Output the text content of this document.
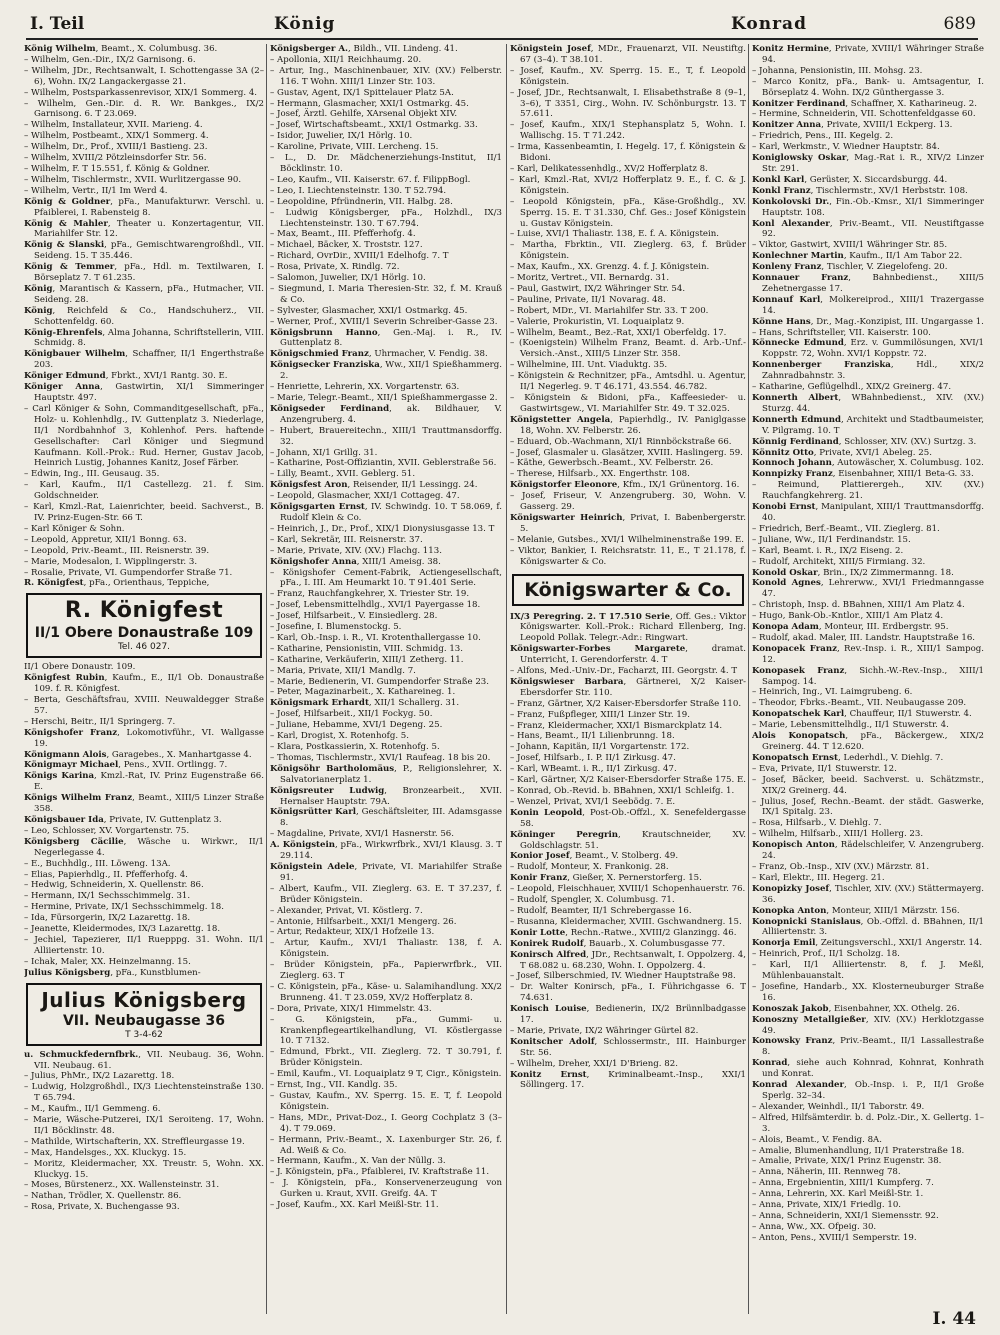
I. Teil	König	Konrad	689

König Wilhelm, Beamt., X. Columbusg. 36.

– Wilhelm, Gen.-Dir., IX/2 Garnisong. 6.

– Wilhelm, JDr., Rechtsanwalt, I. Schottengasse 3A (2–6), Wohn. IX/2 Langackergasse 21.

– Wilhelm, Postsparkassenrevisor, XIX/1 Sommerg. 4.

– Wilhelm, Gen.-Dir. d. R. Wr. Bankges., IX/2 Garnisong. 6. T 23.069.

– Wilhelm, Installateur, XVII. Marieng. 4.

– Wilhelm, Postbeamt., XIX/1 Sommerg. 4.

– Wilhelm, Dr., Prof., XVIII/1 Bastieng. 23.

– Wilhelm, XVIII/2 Pötzleinsdorfer Str. 56.

– Wilhelm, F. T 15.551, f. König & Goldner.

– Wilhelm, Tischlermstr., XVII. Wurlitzergasse 90.

– Wilhelm, Vertr., II/1 Im Werd 4.

König & Goldner, pFa., Manufakturwr. Verschl. u. Pfaiblerei, I. Rabensteig 8.

König & Mahler, Theater u. Konzertagentur, VII. Mariahilfer Str. 12.

König & Slanski, pFa., Gemischtwarengroßhdl., VII. Seideng. 15. T 35.446.

König & Temmer, pFa., Hdl. m. Textilwaren, I. Börseplatz 7. T 61.235.

König, Marantisch & Kassern, pFa., Hutmacher, VII. Seideng. 28.

König, Reichfeld & Co., Handschuherz., VII. Schottenfeldg. 60.

König-Ehrenfels, Alma Johanna, Schriftstellerin, VIII. Schmidg. 8.

Königbauer Wilhelm, Schaffner, II/1 Engerthstraße 203.

Königer Edmund, Fbrkt., XVI/1 Rantg. 30. E.

Königer Anna, Gastwirtin, XI/1 Simmeringer Hauptstr. 497.

– Carl Königer & Sohn, Commanditgesellschaft, pFa., Holz- u. Kohlenhdlg., IV. Guttenplatz 3. Niederlage, II/1 Nordbahnhof 3, Kohlenhof. Pers. haftende Gesellschafter: Carl Königer und Siegmund Kaufmann. Koll.-Prok.: Rud. Herner, Gustav Jacob, Heinrich Lustig, Johannes Kanitz, Josef Färber.

– Edwin, Ing., III. Geusaug. 35.

– Karl, Kaufm., II/1 Castellezg. 21. f. Sim. Goldschneider.

– Karl, Kmzl.-Rat, Laienrichter, beeid. Sachverst., B. IV. Prinz-Eugen-Str. 66 T.

– Karl Königer & Sohn.

– Leopold, Appretur, XII/1 Bonng. 63.

– Leopold, Priv.-Beamt., III. Reisnerstr. 39.

– Marie, Modesalon, I. Wipplingerstr. 3.

– Rosalie, Private, VI. Gumpendorfer Straße 71.

R. Königfest, pFa., Orienthaus, Teppiche,

R. Königfest
II/1 Obere Donaustraße 109
Tel. 46 027.

II/1 Obere Donaustr. 109.

Königfest Rubin, Kaufm., E., II/1 Ob. Donaustraße 109. f. R. Königfest.

– Berta, Geschäftsfrau, XVIII. Neuwaldegger Straße 57.

– Herschi, Beitr., II/1 Springerg. 7.

Königshofer Franz, Lokomotivführ., VI. Wallgasse 19.

Königmann Alois, Garagebes., X. Manhartgasse 4.

Königmayr Michael, Pens., XVII. Ortlingg. 7.

Königs Karina, Kmzl.-Rat, IV. Prinz Eugenstraße 66. E.

Königs Wilhelm Franz, Beamt., XIII/5 Linzer Straße 358.

Königsbauer Ida, Private, IV. Guttenplatz 3.

– Leo, Schlosser, XV. Vorgartenstr. 75.

Königsberg Cäcilie, Wäsche u. Wirkwr., II/1 Negerlegasse 4.

– E., Buchhdlg., III. Löweng. 13A.

– Elias, Papierhdlg., II. Pfefferhofg. 4.

– Hedwig, Schneiderin, X. Quellenstr. 86.

– Hermann, IX/1 Sechsschimmelg. 31.

– Hermine, Private, IX/1 Sechsschimmelg. 18.

– Ida, Fürsorgerin, IX/2 Lazarettg. 18.

– Jeanette, Kleidermodes, IX/3 Lazarettg. 18.

– Jechiel, Tapezierer, II/1 Ruepppg. 31. Wohn. II/1 Alliiertenstr. 10.

– Ichak, Maler, XX. Heinzelmanng. 15.

Julius Königsberg, pFa., Kunstblumen-

Julius Königsberg
VII. Neubaugasse 36
T 3-4-62

u. Schmuckfedernfbrk., VII. Neubaug. 36, Wohn. VII. Neubaug. 61.

– Julius, PhMr., IX/2 Lazarettg. 18.

– Ludwig, Holzgroßhdl., IX/3 Liechtensteinstraße 130. T 65.794.

– M., Kaufm., II/1 Gemmeng. 6.

– Marie, Wäsche-Putzerei, IX/1 Seroiteng. 17, Wohn. II/1 Böcklinstr. 48.

– Mathilde, Wirtschafterin, XX. Streffleurgasse 19.

– Max, Handelsges., XX. Kluckyg. 15.

– Moritz, Kleidermacher, XX. Treustr. 5, Wohn. XX. Kluckyg. 15.

– Moses, Bürstenerz., XX. Wallensteinstr. 31.

– Nathan, Trödler, X. Quellenstr. 86.

– Rosa, Private, X. Buchengasse 93.

Königsberger A., Bildh., VII. Lindeng. 41.

– Apollonia, XII/1 Reichhaumg. 20.

– Artur, Ing., Maschinenbauer, XIV. (XV.) Felberstr. 116. T Wohn. XIII/1 Linzer Str. 103.

– Gustav, Agent, IX/1 Spittelauer Platz 5A.

– Hermann, Glasmacher, XXI/1 Ostmarkg. 45.

– Josef, Ärztl. Gehilfe, XArsenal Objekt XIV.

– Josef, Wirtschaftsbeamt., XXI/1 Ostmarkg. 33.

– Isidor, Juwelier, IX/1 Hörlg. 10.

– Karoline, Private, VIII. Lercheng. 15.

– L., D. Dr. Mädchenerziehungs-Institut, II/1 Böcklinstr. 10.

– Leo, Kaufm., VII. Kaiserstr. 67. f. FilippBogl.

– Leo, I. Liechtensteinstr. 130. T 52.794.

– Leopoldine, Pfründnerin, VII. Halbg. 28.

– Ludwig Königsberger, pFa., Holzhdl., IX/3 Liechtensteinstr. 130. T 67.794.

– Max, Beamt., III. Pfefferhofg. 4.

– Michael, Bäcker, X. Troststr. 127.

– Richard, OvrDir., XVIII/1 Edelhofg. 7. T

– Rosa, Private, X. Rindlg. 72.

– Salomon, Juwelier, IX/1 Hörlg. 10.

– Siegmund, I. Maria Theresien-Str. 32, f. M. Krauß & Co.

– Sylvester, Glasmacher, XXI/1 Ostmarkg. 45.

– Werner, Prof., XVIII/1 Severin Schreiber-Gasse 23.

Königsbrunn Hanno, Gen.-Maj. i. R., IV. Guttenplatz 8.

Königschmied Franz, Uhrmacher, V. Fendig. 38.

Königsecker Franziska, Ww., XII/1 Spießhammerg. 2.

– Henriette, Lehrerin, XX. Vorgartenstr. 63.

– Marie, Telegr.-Beamt., XII/1 Spießhammergasse 2.

Königseder Ferdinand, ak. Bildhauer, V. Anzengruberg. 4.

– Hubert, Brauereitechn., XIII/1 Trauttmansdorffg. 32.

– Johann, XI/1 Grillg. 31.

– Katharine, Post-Offiziantin, XVII. Geblerstraße 56.

– Lilly, Beamt., XVII. Geblerg. 51.

Königsfest Aron, Reisender, II/1 Lessingg. 24.

– Leopold, Glasmacher, XXI/1 Cottageg. 47.

Königsgarten Ernst, IV. Schwindg. 10. T 58.069, f. Rudolf Klein & Co.

– Heinrich, J., Dr., Prof., XIX/1 Dionysiusgasse 13. T

– Karl, Sekretär, III. Reisnerstr. 37.

– Marie, Private, XIV. (XV.) Flachg. 113.

Königshofer Anna, XIII/1 Ameisg. 38.

– Königshofer Cement-Fabrik, Actiengesellschaft, pFa., I. III. Am Heumarkt 10. T 91.401 Serie.

– Franz, Rauchfangkehrer, X. Triester Str. 19.

– Josef, Lebensmittelhdlg., XVI/1 Payergasse 18.

– Josef, Hilfsarbeit., V. Einsiedlerg. 28.

– Josefine, I. Blumenstockg. 5.

– Karl, Ob.-Insp. i. R., VI. Krotenthallergasse 10.

– Katharine, Pensionistin, VIII. Schmidg. 13.

– Katharine, Verkäuferin, XIII/1 Zetherg. 11.

– Maria, Private, XII/1 Mandlg. 7.

– Marie, Bedienerin, VI. Gumpendorfer Straße 23.

– Peter, Magazinarbeit., X. Kathareineg. 1.

Königsmark Erhardt, XII/1 Schallerg. 31.

– Josef, Hilfsarbeit., XII/1 Fockyg. 50.

– Juliane, Hebamme, XVI/1 Degeng. 25.

– Karl, Drogist, X. Rotenhofg. 5.

– Klara, Postkassierin, X. Rotenhofg. 5.

– Thomas, Tischlermstr., XVI/1 Raufeag. 18 bis 20.

Königsöhr Bartholomäus, P., Religionslehrer, X. Salvatorianerplatz 1.

Königsreuter Ludwig, Bronzearbeit., XVII. Hernalser Hauptstr. 79A.

Königsrütter Karl, Geschäftsleiter, III. Adamsgasse 8.

– Magdaline, Private, XVI/1 Hasnerstr. 56.

A. Königstein, pFa., Wirkwrfbrk., XVI/1 Klausg. 3. T 29.114.

Königstein Adele, Private, VI. Mariahilfer Straße 91.

– Albert, Kaufm., VII. Zieglerg. 63. E. T 37.237, f. Brüder Königstein.

– Alexander, Privat, VI. Köstlerg. 7.

– Antonie, Hilfsarbeit., XXI/1 Mengerg. 26.

– Artur, Redakteur, XIX/1 Hofzeile 13.

– Artur, Kaufm., XVI/1 Thaliastr. 138, f. A. Königstein.

– Brüder Königstein, pFa., Papierwrfbrk., VII. Zieglerg. 63. T

– C. Königstein, pFa., Käse- u. Salamihandlung. XX/2 Brunneng. 41. T 23.059, XV/2 Hofferplatz 8.

– Dora, Private, XIX/1 Himmelstr. 43.

– G. Königstein, pFa., Gummi- u. Krankenpflegeartikelhandlung, VI. Köstlergasse 10. T 7132.

– Edmund, Fbrkt., VII. Zieglerg. 72. T 30.791, f. Brüder Königstein.

– Emil, Kaufm., VI. Loquaiplatz 9 T, Cigr., Königstein.

– Ernst, Ing., VII. Kandlg. 35.

– Gustav, Kaufm., XV. Sperrg. 15. E. T, f. Leopold Königstein.

– Hans, MDr., Privat-Doz., I. Georg Cochplatz 3 (3–4). T 79.069.

– Hermann, Priv.-Beamt., X. Laxenburger Str. 26, f. Ad. Weiß & Co.

– Hermann, Kaufm., X. Van der Nüllg. 3.

– J. Königstein, pFa., Pfaiblerei, IV. Kraftstraße 11.

– J. Königstein, pFa., Konservenerzeugung von Gurken u. Kraut, XVII. Greifg. 4A. T

– Josef, Kaufm., XX. Karl Meißl-Str. 11.

Königstein Josef, MDr., Frauenarzt, VII. Neustiftg. 67 (3–4). T 38.101.

– Josef, Kaufm., XV. Sperrg. 15. E., T, f. Leopold Königstein.

– Josef, JDr., Rechtsanwalt, I. Elisabethstraße 8 (9–1, 3–6), T 3351, Cirg., Wohn. IV. Schönburgstr. 13. T 57.611.

– Josef, Kaufm., XIX/1 Stephansplatz 5, Wohn. I. Wallischg. 15. T 71.242.

– Irma, Kassenbeamtin, I. Hegelg. 17, f. Königstein & Bidoni.

– Karl, Delikatessenhdlg., XV/2 Hofferplatz 8.

– Karl, Kmzl.-Rat, XVI/2 Hofferplatz 9. E., f. C. & J. Königstein.

– Leopold Königstein, pFa., Käse-Großhdlg., XV. Sperrg. 15. E. T 31.330, Chf. Ges.: Josef Königstein u. Gustav Königstein.

– Luise, XVI/1 Thaliastr. 138, E. f. A. Königstein.

– Martha, Fbrktin., VII. Zieglerg. 63, f. Brüder Königstein.

– Max, Kaufm., XX. Grenzg. 4. f. J. Königstein.

– Moritz, Vertret., VII. Bernardg. 31.

– Paul, Gastwirt, IX/2 Währinger Str. 54.

– Pauline, Private, II/1 Novarag. 48.

– Robert, MDr., VI. Mariahilfer Str. 33. T 200.

– Valerie, Prokuristin, VI. Loquaiplatz 9.

– Wilhelm, Beamt., Bez.-Rat, XXI/1 Oberfeldg. 17.

– (Koenigstein) Wilhelm Franz, Beamt. d. Arb.-Unf.-Versich.-Anst., XIII/5 Linzer Str. 358.

– Wilhelmine, III. Unt. Viaduktg. 35.

– Königstein & Rechnitzer, pFa., Amtsdhl. u. Agentur, II/1 Negerleg. 9. T 46.171, 43.554. 46.782.

– Königstein & Bidoni, pFa., Kaffeesieder- u. Gastwirtsgew., VI. Mariahilfer Str. 49. T 32.025.

Königstetter Angela, Papierhdlg., IV. Paniglgasse 18, Wohn. XV. Felberstr. 26.

– Eduard, Ob.-Wachmann, XI/1 Rinnböckstraße 66.

– Josef, Glasmaler u. Glasätzer, XVIII. Haslingerg. 59.

– Käthe, Gewerbsch.-Beamt., XV. Felberstr. 26.

– Therese, Hilfsarb., XX. Engerthstr. 108.

Königstorfer Eleonore, Kfm., IX/1 Grünentorg. 16.

– Josef, Friseur, V. Anzengruberg. 30, Wohn. V. Gasserg. 29.

Königswarter Heinrich, Privat, I. Babenbergerstr. 5.

– Melanie, Gutsbes., XVI/1 Wilhelminenstraße 199. E.

– Viktor, Bankier, I. Reichsratstr. 11, E., T 21.178, f. Königswarter & Co.

Königswarter & Co.

IX/3 Peregring. 2. T 17.510 Serie, Off. Ges.: Viktor Königswarter. Koll.-Prok.: Richard Ellenberg, Ing. Leopold Pollak. Telegr.-Adr.: Ringwart.

Königswarter-Forbes Margarete, dramat. Unterricht, I. Gerendorferstr. 4. T

– Alfons, Med.-Univ.-Dr., Facharzt, III. Georgstr. 4. T

Königswieser Barbara, Gärtnerei, X/2 Kaiser-Ebersdorfer Str. 110.

– Franz, Gärtner, X/2 Kaiser-Ebersdorfer Straße 110.

– Franz, Fußpfleger, XIII/1 Linzer Str. 19.

– Franz, Kleidermacher, XXI/1 Bismarckplatz 14.

– Hans, Beamt., II/1 Lilienbrunng. 18.

– Johann, Kapitän, II/1 Vorgartenstr. 172.

– Josef, Hilfsarb., I. P. II/1 Zirkusg. 47.

– Karl, WBeamt. i. R., II/1 Zirkusg. 47.

– Karl, Gärtner, X/2 Kaiser-Ebersdorfer Straße 175. E.

– Konrad, Ob.-Revid. b. BBahnen, XXI/1 Schleifg. 1.

– Wenzel, Privat, XVI/1 Seebödg. 7. E.

Konin Leopold, Post-Ob.-Offzl., X. Senefeldergasse 58.

Köninger Peregrin, Krautschneider, XV. Goldschlagstr. 51.

Konior Josef, Beamt., V. Stolberg. 49.

– Rudolf, Monteur, X. Frankonig. 28.

Konir Franz, Gießer, X. Pernerstorferg. 15.

– Leopold, Fleischhauer, XVIII/1 Schopenhauerstr. 76.

– Rudolf, Spengler, X. Columbusg. 71.

– Rudolf, Beamter, II/1 Schrebergasse 16.

– Rusanna, Kleidermacher, XVIII. Gschwandnerg. 15.

Konir Lotte, Rechn.-Ratwe., XVIII/2 Glanzingg. 46.

Konirek Rudolf, Bauarb., X. Columbusgasse 77.

Konirsch Alfred, JDr., Rechtsanwalt, I. Oppolzerg. 4, T 68.082 u. 68.230, Wohn. I. Oppolzerg. 4.

– Josef, Silberschmied, IV. Wiedner Hauptstraße 98.

– Dr. Walter Konirsch, pFa., I. Führichgasse 6. T 74.631.

Konisch Louise, Bedienerin, IX/2 Brünnlbadgasse 17.

– Marie, Private, IX/2 Währinger Gürtel 82.

Konitscher Adolf, Schlossermstr., III. Hainburger Str. 56.

– Wilhelm, Dreher, XXI/1 D'Brieng. 82.

Konitz Ernst, Kriminalbeamt.-Insp., XXI/1 Söllingerg. 17.

Konitz Hermine, Private, XVIII/1 Währinger Straße 94.

– Johanna, Pensionistin, III. Mohsg. 23.

– Marco Konitz, pFa., Bank- u. Amtsagentur, I. Börseplatz 4. Wohn. IX/2 Günthergasse 3.

Konitzer Ferdinand, Schaffner, X. Katharineug. 2.

– Hermine, Schneiderin, VII. Schottenfeldgasse 60.

Konitzer Anna, Private, XVIII/1 Eckperg. 13.

– Friedrich, Pens., III. Kegelg. 2.

– Karl, Werkmstr., V. Wiedner Hauptstr. 84.

Koniglowsky Oskar, Mag.-Rat i. R., XIV/2 Linzer Str. 291.

Konkl Karl, Gerüster, X. Siccardsburgg. 44.

Konkl Franz, Tischlermstr., XV/1 Herbststr. 108.

Konkolovski Dr., Fin.-Ob.-Kmsr., XI/1 Simmeringer Hauptstr. 108.

Konl Alexander, Priv.-Beamt., VII. Neustiftgasse 92.

– Viktor, Gastwirt, XVIII/1 Währinger Str. 85.

Konlechner Martin, Kaufm., II/1 Am Tabor 22.

Konleny Franz, Tischler, V. Ziegelofeng. 20.

Konnauer Franz, Bahnbedienst., XIII/5 Zehetnergasse 17.

Konnauf Karl, Molkereiprod., XIII/1 Trazergasse 14.

Könne Hans, Dr., Mag.-Konzipist, III. Ungargasse 1.

– Hans, Schriftsteller, VII. Kaiserstr. 100.

Könnecke Edmund, Erz. v. Gummilösungen, XVI/1 Koppstr. 72, Wohn. XVI/1 Koppstr. 72.

Konnenberger Franziska, Hdl., XIX/2 Zahnradbahnstr. 3.

– Katharine, Geflügelhdl., XIX/2 Greinerg. 47.

Konnerth Albert, WBahnbedienst., XIV. (XV.) Sturzg. 44.

Konnerth Edmund, Architekt und Stadtbaumeister, V. Pilgramg. 10. T

Könnig Ferdinand, Schlosser, XIV. (XV.) Surtzg. 3.

Könnitz Otto, Private, XVI/1 Abeleg. 25.

Konnoch Johann, Autowäscher, X. Columbusg. 102.

Konnpizky Franz, Eisenbahner, XIII/1 Beta-G. 33.

– Reimund, Plattierergeh., XIV. (XV.) Rauchfangkehrerg. 21.

Konobi Ernst, Manipulant, XIII/1 Trauttmansdorffg. 40.

– Friedrich, Berf.-Beamt., VII. Zieglerg. 81.

– Juliane, Ww., II/1 Ferdinandstr. 15.

– Karl, Beamt. i. R., IX/2 Eiseng. 2.

– Rudolf, Architekt, XIII/5 Firmiang. 32.

Konold Oskar, Brin., IX/2 Zimmermanng. 18.

Konold Agnes, Lehrerww., XVI/1 Friedmanngasse 47.

– Christoph, Insp. d. BBahnen, XIII/1 Am Platz 4.

– Hugo, Bank-Ob.-Kntlor., XIII/1 Am Platz 4.

Konopa Adam, Monteur, III. Erdbergstr. 95.

– Rudolf, akad. Maler, III. Landstr. Hauptstraße 16.

Konopacek Franz, Rev.-Insp. i. R., XIII/1 Sampog. 12.

Konopasek Franz, Sichh.-W.-Rev.-Insp., XIII/1 Sampog. 14.

– Heinrich, Ing., VI. Laimgrubeng. 6.

– Theodor, Fbrks.-Beamt., VII. Neubaugasse 209.

Konopatschek Karl, Chauffeur, II/1 Stuwerstr. 4.

– Marie, Lebensmittelhdlg., II/1 Stuwerstr. 4.

Alois Konopatsch, pFa., Bäckergew., XIX/2 Greinerg. 44. T 12.620.

Konopatsch Ernst, Lederhdl., V. Diehlg. 7.

– Eva, Private, II/1 Stuwerstr. 12.

– Josef, Bäcker, beeid. Sachverst. u. Schätzmstr., XIX/2 Greinerg. 44.

– Julius, Josef, Rechn.-Beamt. der städt. Gaswerke, IX/1 Spitalg. 23.

– Rosa, Hilfsarb., V. Diehlg. 7.

– Wilhelm, Hilfsarb., XIII/1 Hollerg. 23.

Konopisch Anton, Rädelschleifer, V. Anzengruberg. 24.

– Franz, Ob.-Insp., XIV (XV.) Märzstr. 81.

– Karl, Elektr., III. Hegerg. 21.

Konopizky Josef, Tischler, XIV. (XV.) Stättermayerg. 36.

Konopka Anton, Monteur, XIII/1 Märzstr. 156.

Konopnicki Stanislaus, Ob.-Offzl. d. BBahnen, II/1 Alliiertenstr. 3.

Konorja Emil, Zeitungsverschl., XXI/1 Angerstr. 14.

– Heinrich, Prof., II/1 Scholzg. 18.

– Karl, II/1 Alliiertenstr. 8, f. J. Meßl, Mühlenbauanstalt.

– Josefine, Handarb., XX. Klosterneuburger Straße 16.

Konoszak Jakob, Eisenbahner, XX. Othelg. 26.

Konoszny Metallgießer, XIV. (XV.) Herklotzgasse 49.

Konowsky Franz, Priv.-Beamt., II/1 Lassallestraße 8.

Konrad, siehe auch Kohnrad, Kohnrat, Konhrath und Konrat.

Konrad Alexander, Ob.-Insp. i. P., II/1 Große Sperlg. 32–34.

– Alexander, Weinhdl., II/1 Taborstr. 49.

– Alfred, Hilfsämterdir. b. d. Polz.-Dir., X. Gellertg. 1–3.

– Alois, Beamt., V. Fendig. 8A.

– Amalie, Blumenhandlung, II/1 Praterstraße 18.

– Amalie, Private, XIX/1 Prinz Eugenstr. 38.

– Anna, Näherin, III. Rennweg 78.

– Anna, Ergebnientin, XIII/1 Kumpferg. 7.

– Anna, Lehrerin, XX. Karl Meißl-Str. 1.

– Anna, Private, XIX/1 Friedlg. 10.

– Anna, Schneiderin, XXI/1 Siemensstr. 92.

– Anna, Ww., XX. Ofpeig. 30.

– Anton, Pens., XVIII/1 Semperstr. 19.

I. 44
